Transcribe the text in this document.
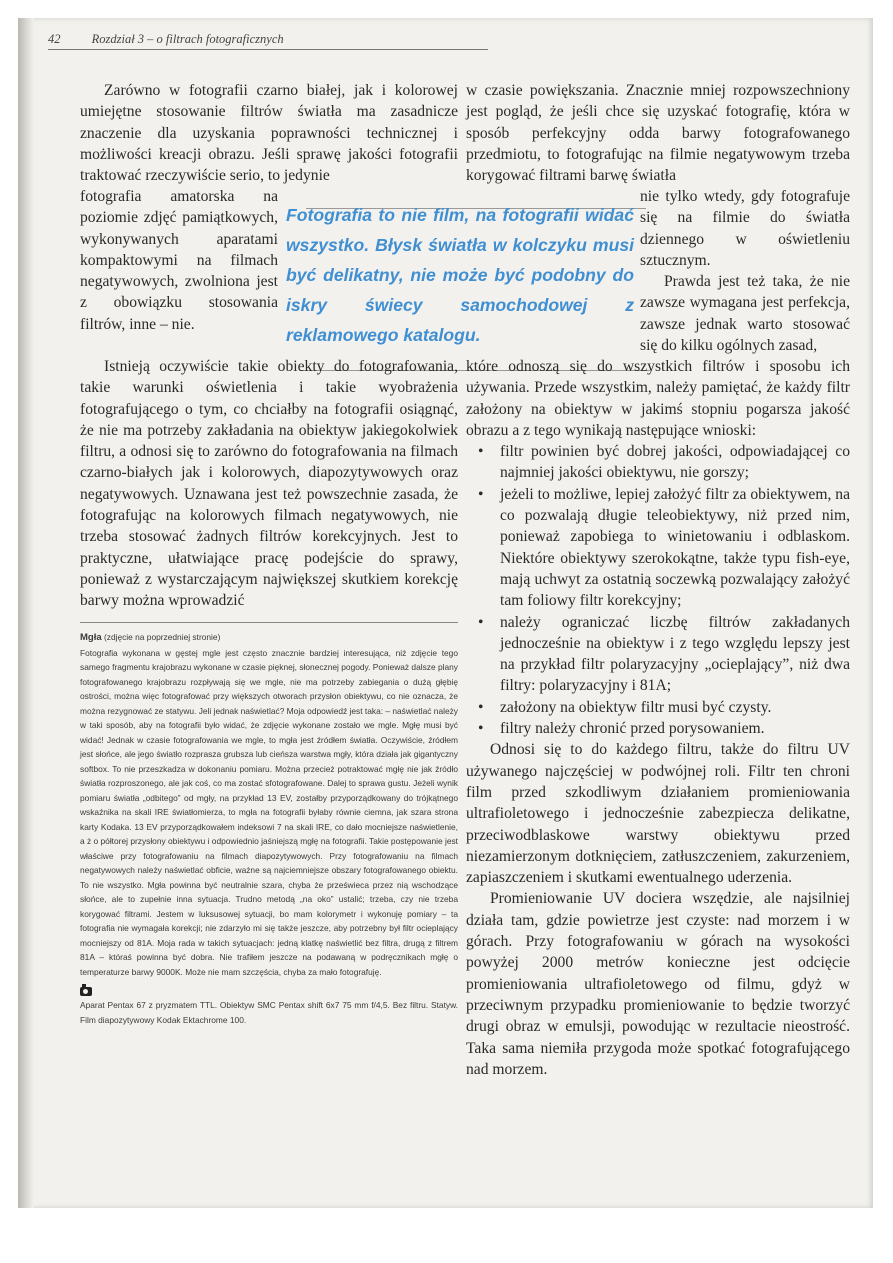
42 Rozdział 3 – o filtrach fotograficznych

Zarówno w fotografii czarno białej, jak i kolorowej umiejętne stosowanie filtrów światła ma zasadnicze znaczenie dla uzyskania poprawności technicznej i możliwości kreacji obrazu. Jeśli sprawę jakości fotografii traktować rzeczywiście serio, to jedynie

w czasie powiększania. Znacznie mniej rozpowszechniony jest pogląd, że jeśli chce się uzyskać fotografię, która w sposób perfekcyjny odda barwy fotografowanego przedmiotu, to fotografując na filmie negatywowym trzeba korygować filtrami barwę światła

fotografia amatorska na poziomie zdjęć pamiątkowych, wykonywanych aparatami kompaktowymi na filmach negatywowych, zwolniona jest z obowiązku stosowania filtrów, inne – nie.

Fotografia to nie film, na fotografii widać wszystko. Błysk światła w kolczyku musi być delikatny, nie może być podobny do iskry świecy samochodowej z reklamowego katalogu.

nie tylko wtedy, gdy fotografuje się na filmie do światła dziennego w oświetleniu sztucznym.

Prawda jest też taka, że nie zawsze wymagana jest perfekcja, zawsze jednak warto stosować się do kilku ogólnych zasad,

Istnieją oczywiście takie obiekty do fotografowania, takie warunki oświetlenia i takie wyobrażenia fotografującego o tym, co chciałby na fotografii osiągnąć, że nie ma potrzeby zakładania na obiektyw jakiegokolwiek filtru, a odnosi się to zarówno do fotografowania na filmach czarno-białych jak i kolorowych, diapozytywowych oraz negatywowych. Uznawana jest też powszechnie zasada, że fotografując na kolorowych filmach negatywowych, nie trzeba stosować żadnych filtrów korekcyjnych. Jest to praktyczne, ułatwiające pracę podejście do sprawy, ponieważ z wystarczającym największej skutkiem korekcję barwy można wprowadzić

Mgła (zdjęcie na poprzedniej stronie)

Fotografia wykonana w gęstej mgle jest często znacznie bardziej interesująca, niż zdjęcie tego samego fragmentu krajobrazu wykonane w czasie pięknej, słonecznej pogody. Ponieważ dalsze plany fotografowanego krajobrazu rozpływają się we mgle, nie ma potrzeby zabiegania o dużą głębię ostrości, można więc fotografować przy większych otworach przysłon obiektywu, co nie oznacza, że można rezygnować ze statywu. Jeli jednak naświetlać? Moja odpowiedź jest taka: – naświetlać należy w taki sposób, aby na fotografii było widać, że zdjęcie wykonane zostało we mgle. Mgłę musi być widać! Jednak w czasie fotografowania we mgle, to mgła jest źródłem światła. Oczywiście, źródłem jest słońce, ale jego światło rozprasza grubsza lub cieńsza warstwa mgły, która działa jak gigantyczny softbox. To nie przeszkadza w dokonaniu pomiaru. Można przecież potraktować mgłę nie jak źródło światła rozproszonego, ale jak coś, co ma zostać sfotografowane. Dalej to sprawa gustu. Jeżeli wynik pomiaru światła „odbitego” od mgły, na przykład 13 EV, zostałby przyporządkowany do trójkątnego wskaźnika na skali IRE światłomierza, to mgła na fotografii byłaby równie ciemna, jak szara strona karty Kodaka. 13 EV przyporządkowałem indeksowi 7 na skali IRE, co dało mocniejsze naświetlenie, a ż o półtorej przysłony obiektywu i odpowiednio jaśniejszą mgłę na fotografii. Takie postępowanie jest właściwe przy fotografowaniu na filmach diapozytywowych. Przy fotografowaniu na filmach negatywowych należy naświetlać obficie, ważne są najciemniejsze obszary fotografowanego obiektu. To nie wszystko. Mgła powinna być neutralnie szara, chyba że prześwieca przez nią wschodzące słońce, ale to zupełnie inna sytuacja. Trudno metodą „na oko” ustalić; trzeba, czy nie trzeba korygować filtrami. Jestem w luksusowej sytuacji, bo mam kolorymetr i wykonuję pomiary – ta fotografia nie wymagała korekcji; nie zdarzyło mi się także jeszcze, aby potrzebny był filtr ocieplający mocniejszy od 81A. Moja rada w takich sytuacjach: jedną klatkę naświetlić bez filtra, drugą z filtrem 81A – któraś powinna być dobra. Nie trafiłem jeszcze na podawaną w podręcznikach mgłę o temperaturze barwy 9000K. Może nie mam szczęścia, chyba za mało fotografuję.

Aparat Pentax 67 z pryzmatem TTL. Obiektyw SMC Pentax shift 6x7 75 mm f/4,5. Bez filtru. Statyw. Film diapozytywowy Kodak Ektachrome 100.

które odnoszą się do wszystkich filtrów i sposobu ich używania. Przede wszystkim, należy pamiętać, że każdy filtr założony na obiektyw w jakimś stopniu pogarsza jakość obrazu a z tego wynikają następujące wnioski:

• filtr powinien być dobrej jakości, odpowiadającej co najmniej jakości obiektywu, nie gorszy;
• jeżeli to możliwe, lepiej założyć filtr za obiektywem, na co pozwalają długie teleobiektywy, niż przed nim, ponieważ zapobiega to winietowaniu i odblaskom. Niektóre obiektywy szerokokątne, także typu fish-eye, mają uchwyt za ostatnią soczewką pozwalający założyć tam foliowy filtr korekcyjny;
• należy ograniczać liczbę filtrów zakładanych jednocześnie na obiektyw i z tego względu lepszy jest na przykład filtr polaryzacyjny „ocieplający”, niż dwa filtry: polaryzacyjny i 81A;
• założony na obiektyw filtr musi być czysty.
• filtry należy chronić przed porysowaniem.

Odnosi się to do każdego filtru, także do filtru UV używanego najczęściej w podwójnej roli. Filtr ten chroni film przed szkodliwym działaniem promieniowania ultrafioletowego i jednocześnie zabezpiecza delikatne, przeciwodblaskowe warstwy obiektywu przed niezamierzonym dotknięciem, zatłuszczeniem, zakurzeniem, zapiaszczeniem i skutkami ewentualnego uderzenia.

Promieniowanie UV dociera wszędzie, ale najsilniej działa tam, gdzie powietrze jest czyste: nad morzem i w górach. Przy fotografowaniu w górach na wysokości powyżej 2000 metrów konieczne jest odcięcie promieniowania ultrafioletowego od filmu, gdyż w przeciwnym przypadku promieniowanie to będzie tworzyć drugi obraz w emulsji, powodując w rezultacie nieostrość. Taka sama niemiła przygoda może spotkać fotografującego nad morzem.
